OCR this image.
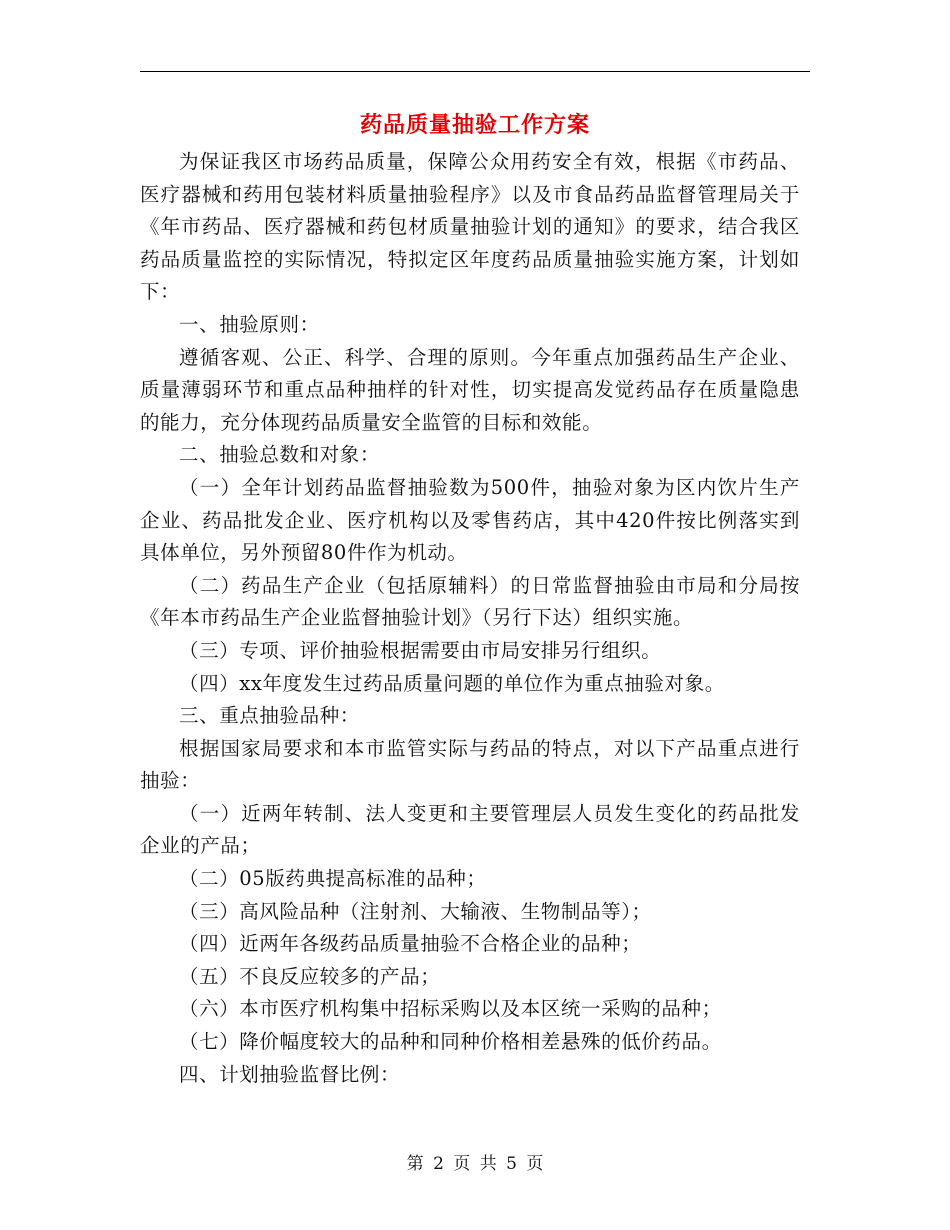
药品质量抽验工作方案

为保证我区市场药品质量，保障公众用药安全有效，根据《市药品、医疗器械和药用包装材料质量抽验程序》以及市食品药品监督管理局关于《年市药品、医疗器械和药包材质量抽验计划的通知》的要求，结合我区药品质量监控的实际情况，特拟定区年度药品质量抽验实施方案，计划如下：

一、抽验原则：

遵循客观、公正、科学、合理的原则。今年重点加强药品生产企业、质量薄弱环节和重点品种抽样的针对性，切实提高发觉药品存在质量隐患的能力，充分体现药品质量安全监管的目标和效能。

二、抽验总数和对象：

（一）全年计划药品监督抽验数为500件，抽验对象为区内饮片生产企业、药品批发企业、医疗机构以及零售药店，其中420件按比例落实到具体单位，另外预留80件作为机动。

（二）药品生产企业（包括原辅料）的日常监督抽验由市局和分局按《年本市药品生产企业监督抽验计划》（另行下达）组织实施。

（三）专项、评价抽验根据需要由市局安排另行组织。

（四）xx年度发生过药品质量问题的单位作为重点抽验对象。

三、重点抽验品种：

根据国家局要求和本市监管实际与药品的特点，对以下产品重点进行抽验：

（一）近两年转制、法人变更和主要管理层人员发生变化的药品批发企业的产品；

（二）05版药典提高标准的品种；

（三）高风险品种（注射剂、大输液、生物制品等）；

（四）近两年各级药品质量抽验不合格企业的品种；

（五）不良反应较多的产品；

（六）本市医疗机构集中招标采购以及本区统一采购的品种；

（七）降价幅度较大的品种和同种价格相差悬殊的低价药品。

四、计划抽验监督比例：

第 2 页 共 5 页
